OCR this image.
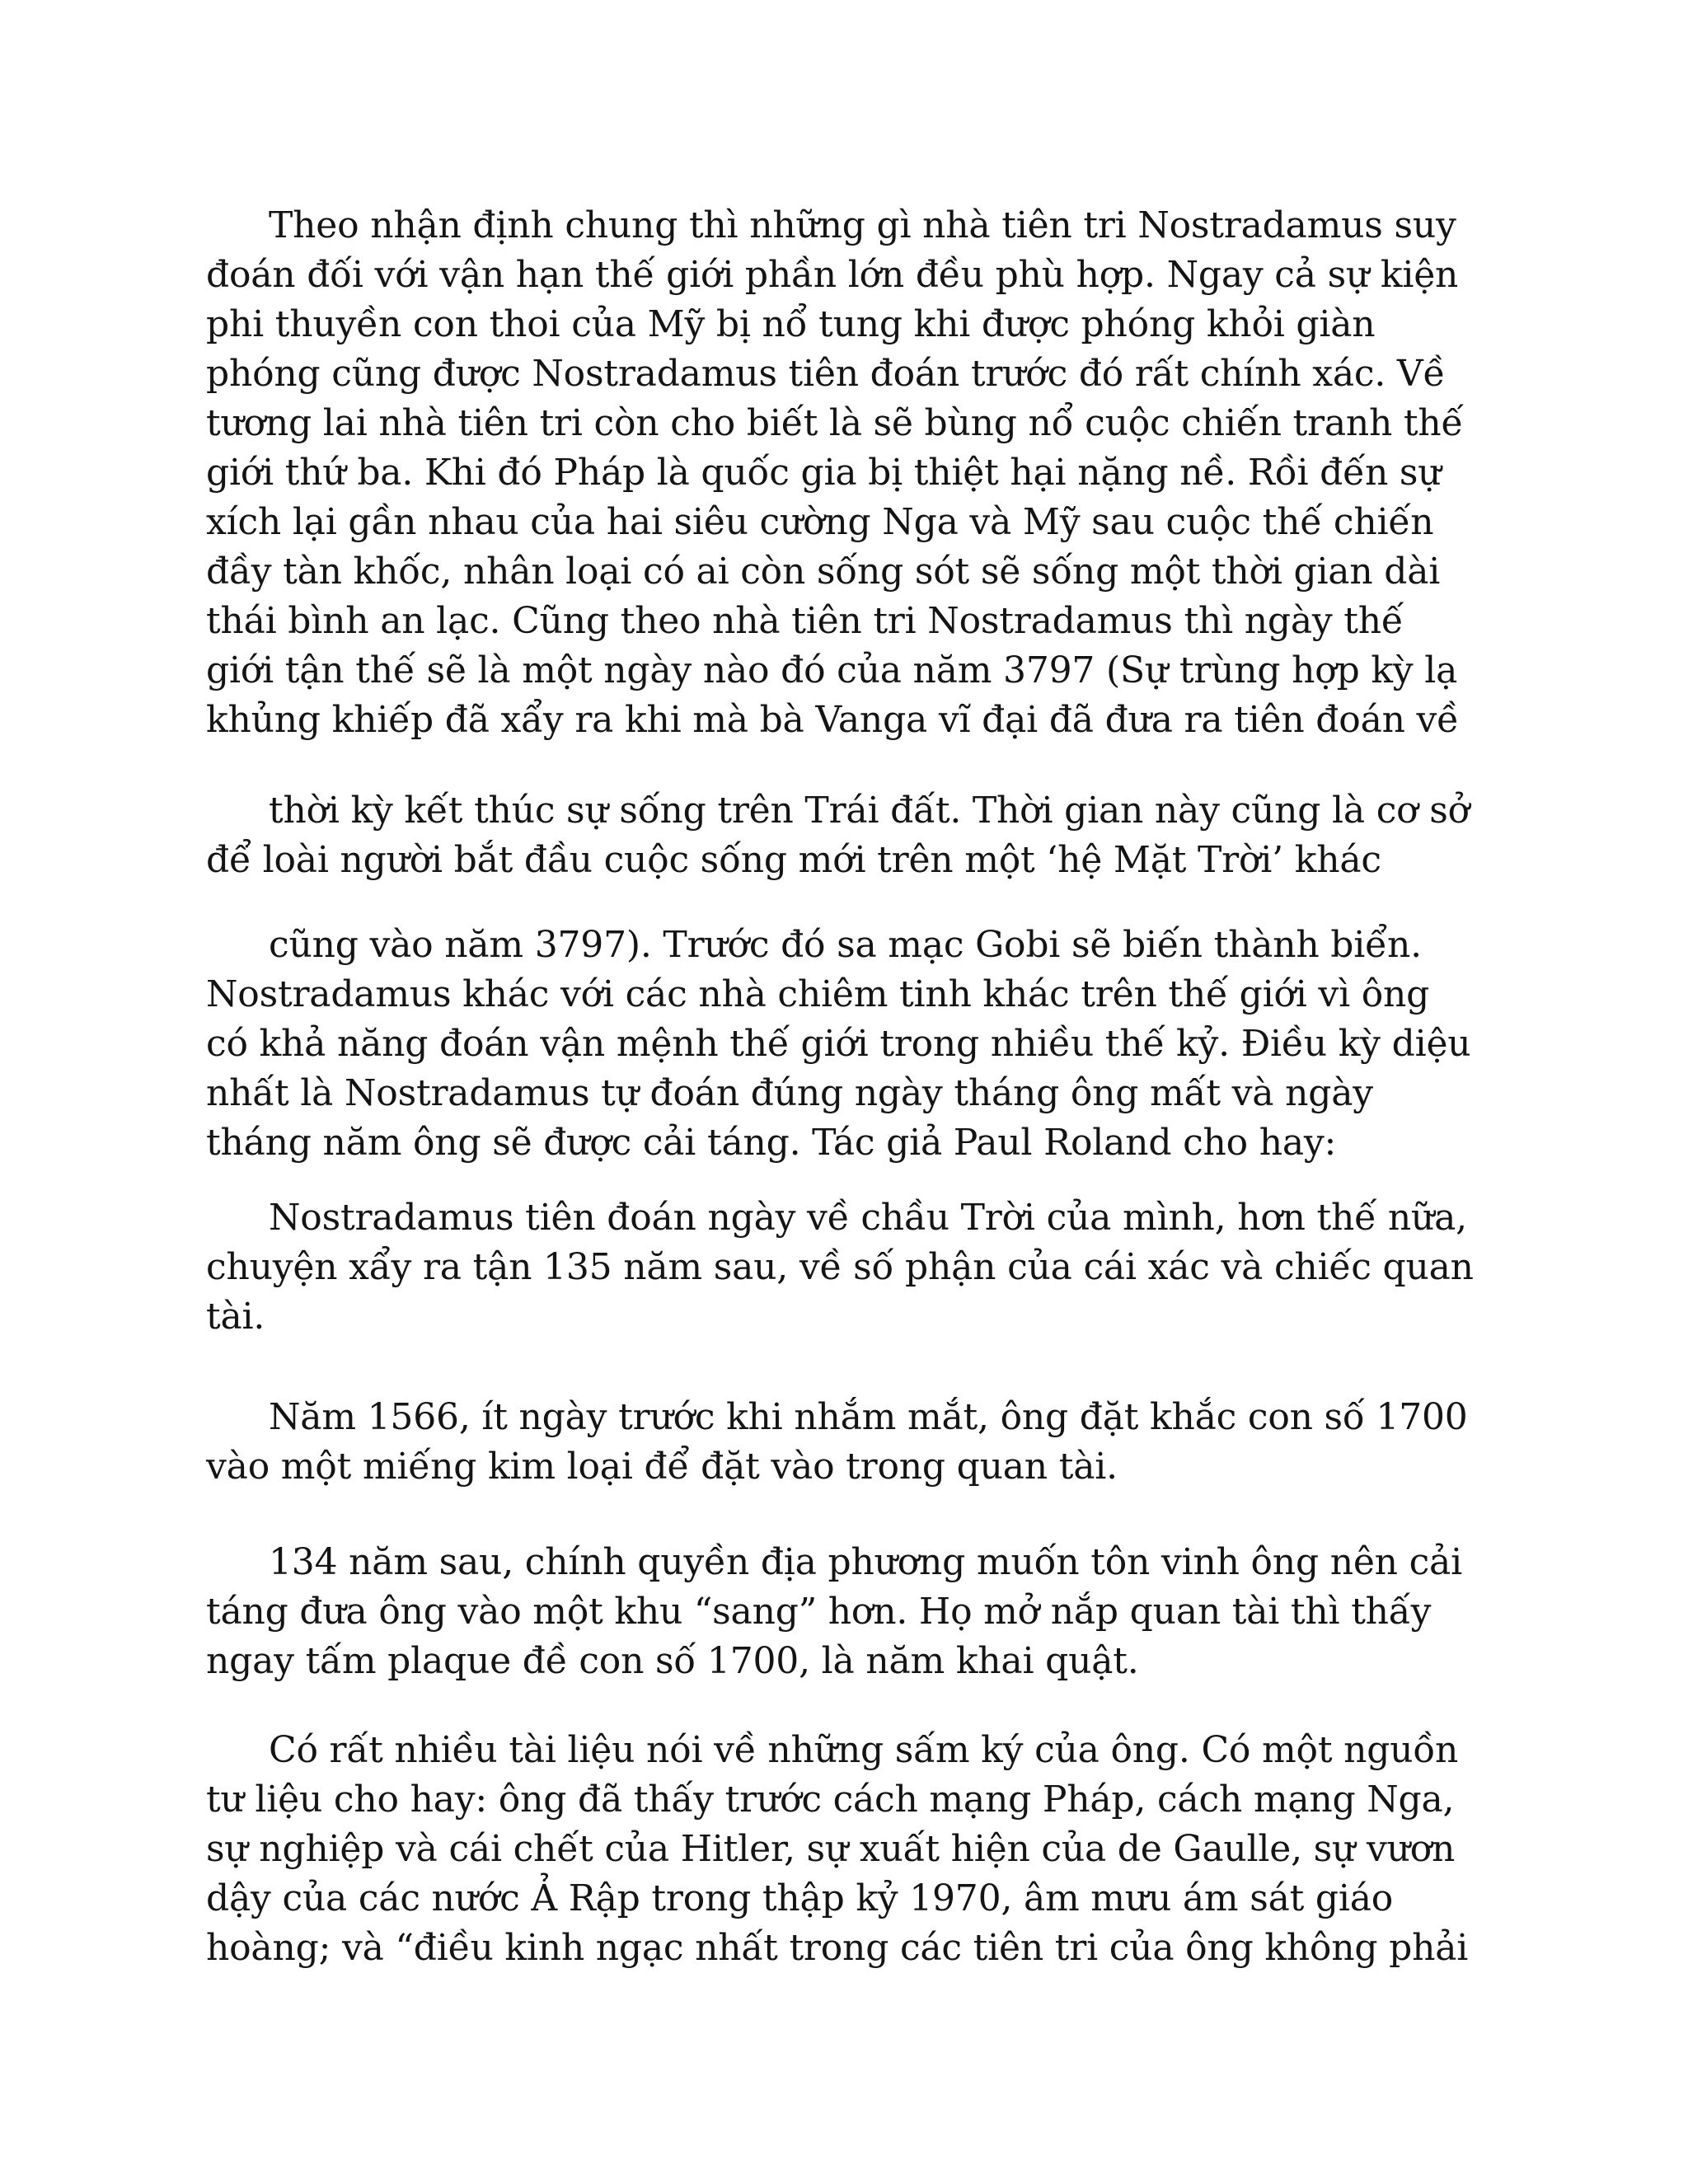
Theo nhận định chung thì những gì nhà tiên tri Nostradamus suy
đoán đối với vận hạn thế giới phần lớn đều phù hợp. Ngay cả sự kiện
phi thuyền con thoi của Mỹ bị nổ tung khi được phóng khỏi giàn
phóng cũng được Nostradamus tiên đoán trước đó rất chính xác. Về
tương lai nhà tiên tri còn cho biết là sẽ bùng nổ cuộc chiến tranh thế
giới thứ ba. Khi đó Pháp là quốc gia bị thiệt hại nặng nề. Rồi đến sự
xích lại gần nhau của hai siêu cường Nga và Mỹ sau cuộc thế chiến
đầy tàn khốc, nhân loại có ai còn sống sót sẽ sống một thời gian dài
thái bình an lạc. Cũng theo nhà tiên tri Nostradamus thì ngày thế
giới tận thế sẽ là một ngày nào đó của năm 3797 (Sự trùng hợp kỳ lạ
khủng khiếp đã xẩy ra khi mà bà Vanga vĩ đại đã đưa ra tiên đoán về
thời kỳ kết thúc sự sống trên Trái đất. Thời gian này cũng là cơ sở
để loài người bắt đầu cuộc sống mới trên một ‘hệ Mặt Trời’ khác
cũng vào năm 3797). Trước đó sa mạc Gobi sẽ biến thành biển.
Nostradamus khác với các nhà chiêm tinh khác trên thế giới vì ông
có khả năng đoán vận mệnh thế giới trong nhiều thế kỷ. Điều kỳ diệu
nhất là Nostradamus tự đoán đúng ngày tháng ông mất và ngày
tháng năm ông sẽ được cải táng. Tác giả Paul Roland cho hay:
Nostradamus tiên đoán ngày về chầu Trời của mình, hơn thế nữa,
chuyện xẩy ra tận 135 năm sau, về số phận của cái xác và chiếc quan
tài.
Năm 1566, ít ngày trước khi nhắm mắt, ông đặt khắc con số 1700
vào một miếng kim loại để đặt vào trong quan tài.
134 năm sau, chính quyền địa phương muốn tôn vinh ông nên cải
táng đưa ông vào một khu “sang” hơn. Họ mở nắp quan tài thì thấy
ngay tấm plaque đề con số 1700, là năm khai quật.
Có rất nhiều tài liệu nói về những sấm ký của ông. Có một nguồn
tư liệu cho hay: ông đã thấy trước cách mạng Pháp, cách mạng Nga,
sự nghiệp và cái chết của Hitler, sự xuất hiện của de Gaulle, sự vươn
dậy của các nước Ả Rập trong thập kỷ 1970, âm mưu ám sát giáo
hoàng; và “điều kinh ngạc nhất trong các tiên tri của ông không phải
